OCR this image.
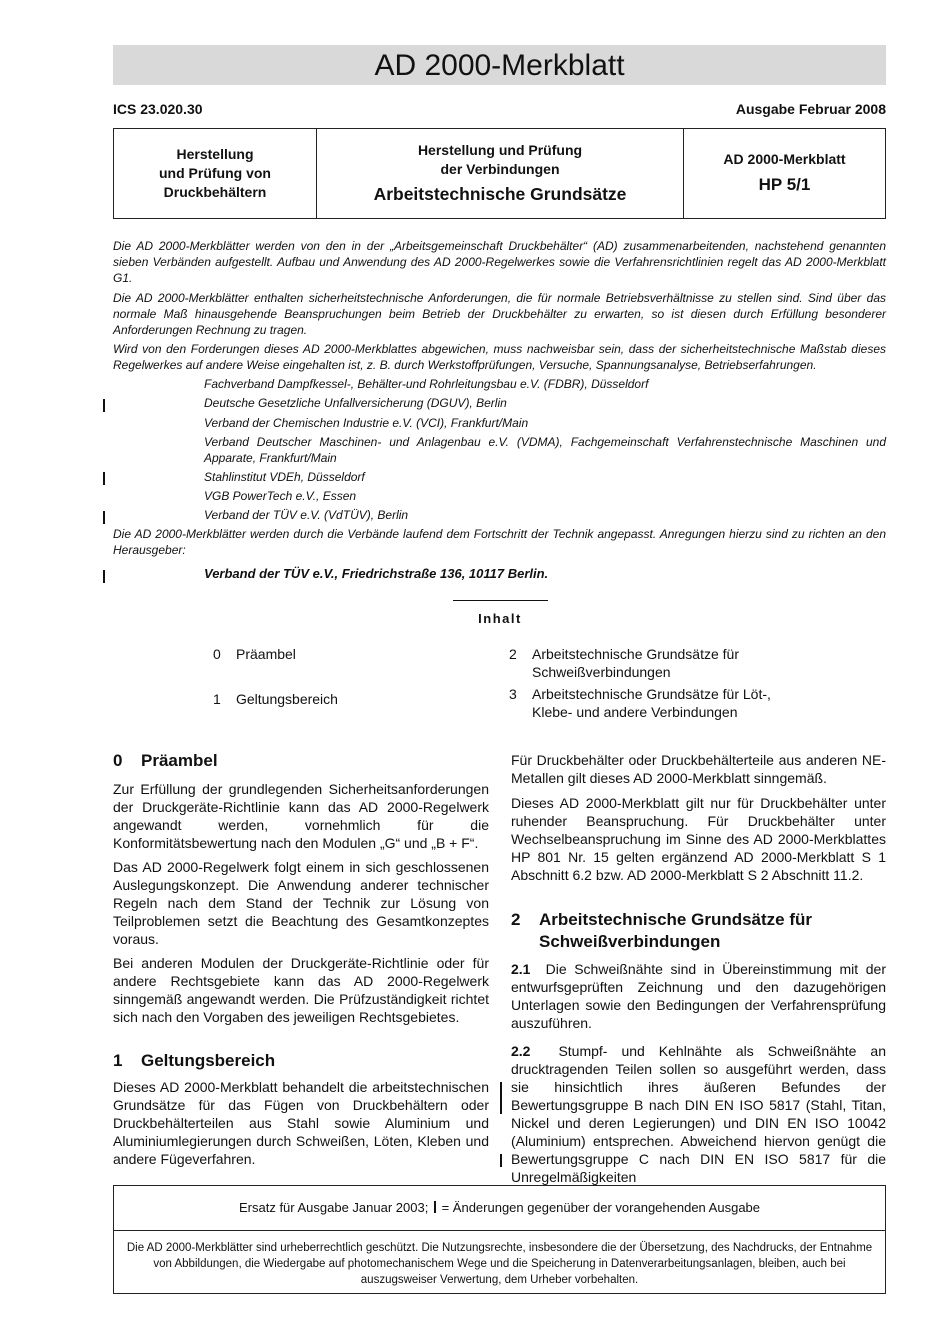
AD 2000-Merkblatt
ICS 23.020.30	Ausgabe Februar 2008
Herstellung
und Prüfung von
Druckbehältern
Herstellung und Prüfung
der Verbindungen
Arbeitstechnische Grundsätze
AD 2000-Merkblatt
HP 5/1

Die AD 2000-Merkblätter werden von den in der „Arbeitsgemeinschaft Druckbehälter“ (AD) zusammenarbeitenden, nachstehend genannten sieben Verbänden aufgestellt. Aufbau und Anwendung des AD 2000-Regelwerkes sowie die Verfahrensrichtlinien regelt das AD 2000-Merkblatt G1.

Die AD 2000-Merkblätter enthalten sicherheitstechnische Anforderungen, die für normale Betriebsverhältnisse zu stellen sind. Sind über das normale Maß hinausgehende Beanspruchungen beim Betrieb der Druckbehälter zu erwarten, so ist diesen durch Erfüllung besonderer Anforderungen Rechnung zu tragen.

Wird von den Forderungen dieses AD 2000-Merkblattes abgewichen, muss nachweisbar sein, dass der sicherheitstechnische Maßstab dieses Regelwerkes auf andere Weise eingehalten ist, z. B. durch Werkstoffprüfungen, Versuche, Spannungsanalyse, Betriebserfahrungen.

Fachverband Dampfkessel-, Behälter-und Rohrleitungsbau e.V. (FDBR), Düsseldorf

Deutsche Gesetzliche Unfallversicherung (DGUV), Berlin

Verband der Chemischen Industrie e.V. (VCI), Frankfurt/Main

Verband Deutscher Maschinen- und Anlagenbau e.V. (VDMA), Fachgemeinschaft Verfahrenstechnische Maschinen und Apparate, Frankfurt/Main

Stahlinstitut VDEh, Düsseldorf

VGB PowerTech e.V., Essen

Verband der TÜV e.V. (VdTÜV), Berlin

Die AD 2000-Merkblätter werden durch die Verbände laufend dem Fortschritt der Technik angepasst. Anregungen hierzu sind zu richten an den Herausgeber:

Verband der TÜV e.V., Friedrichstraße 136, 10117 Berlin.
Inhalt
0 Präambel
1 Geltungsbereich
2 Arbeitstechnische Grundsätze für Schweißverbindungen
3 Arbeitstechnische Grundsätze für Löt-, Klebe- und andere Verbindungen
0 Präambel

Zur Erfüllung der grundlegenden Sicherheitsanforderungen der Druckgeräte-Richtlinie kann das AD 2000-Regelwerk angewandt werden, vornehmlich für die Konformitätsbewertung nach den Modulen „G“ und „B + F“.

Das AD 2000-Regelwerk folgt einem in sich geschlossenen Auslegungskonzept. Die Anwendung anderer technischer Regeln nach dem Stand der Technik zur Lösung von Teilproblemen setzt die Beachtung des Gesamtkonzeptes voraus.

Bei anderen Modulen der Druckgeräte-Richtlinie oder für andere Rechtsgebiete kann das AD 2000-Regelwerk sinngemäß angewandt werden. Die Prüfzuständigkeit richtet sich nach den Vorgaben des jeweiligen Rechtsgebietes.

1 Geltungsbereich

Dieses AD 2000-Merkblatt behandelt die arbeitstechnischen Grundsätze für das Fügen von Druckbehältern oder Druckbehälterteilen aus Stahl sowie Aluminium und Aluminiumlegierungen durch Schweißen, Löten, Kleben und andere Fügeverfahren.

Für Druckbehälter oder Druckbehälterteile aus anderen NE-Metallen gilt dieses AD 2000-Merkblatt sinngemäß.

Dieses AD 2000-Merkblatt gilt nur für Druckbehälter unter ruhender Beanspruchung. Für Druckbehälter unter Wechselbeanspruchung im Sinne des AD 2000-Merkblattes HP 801 Nr. 15 gelten ergänzend AD 2000-Merkblatt S 1 Abschnitt 6.2 bzw. AD 2000-Merkblatt S 2 Abschnitt 11.2.

2 Arbeitstechnische Grundsätze für Schweißverbindungen
2.1 Die Schweißnähte sind in Übereinstimmung mit der entwurfsgeprüften Zeichnung und den dazugehörigen Unterlagen sowie den Bedingungen der Verfahrensprüfung auszuführen.
2.2 Stumpf- und Kehlnähte als Schweißnähte an drucktragenden Teilen sollen so ausgeführt werden, dass sie hinsichtlich ihres äußeren Befundes der Bewertungsgruppe B nach DIN EN ISO 5817 (Stahl, Titan, Nickel und deren Legierungen) und DIN EN ISO 10042 (Aluminium) entsprechen. Abweichend hiervon genügt die Bewertungsgruppe C nach DIN EN ISO 5817 für die Unregelmäßigkeiten
Ersatz für Ausgabe Januar 2003; = Änderungen gegenüber der vorangehenden Ausgabe
Die AD 2000-Merkblätter sind urheberrechtlich geschützt. Die Nutzungsrechte, insbesondere die der Übersetzung, des Nachdrucks, der Entnahme von Abbildungen, die Wiedergabe auf photomechanischem Wege und die Speicherung in Datenverarbeitungsanlagen, bleiben, auch bei auszugsweiser Verwertung, dem Urheber vorbehalten.
